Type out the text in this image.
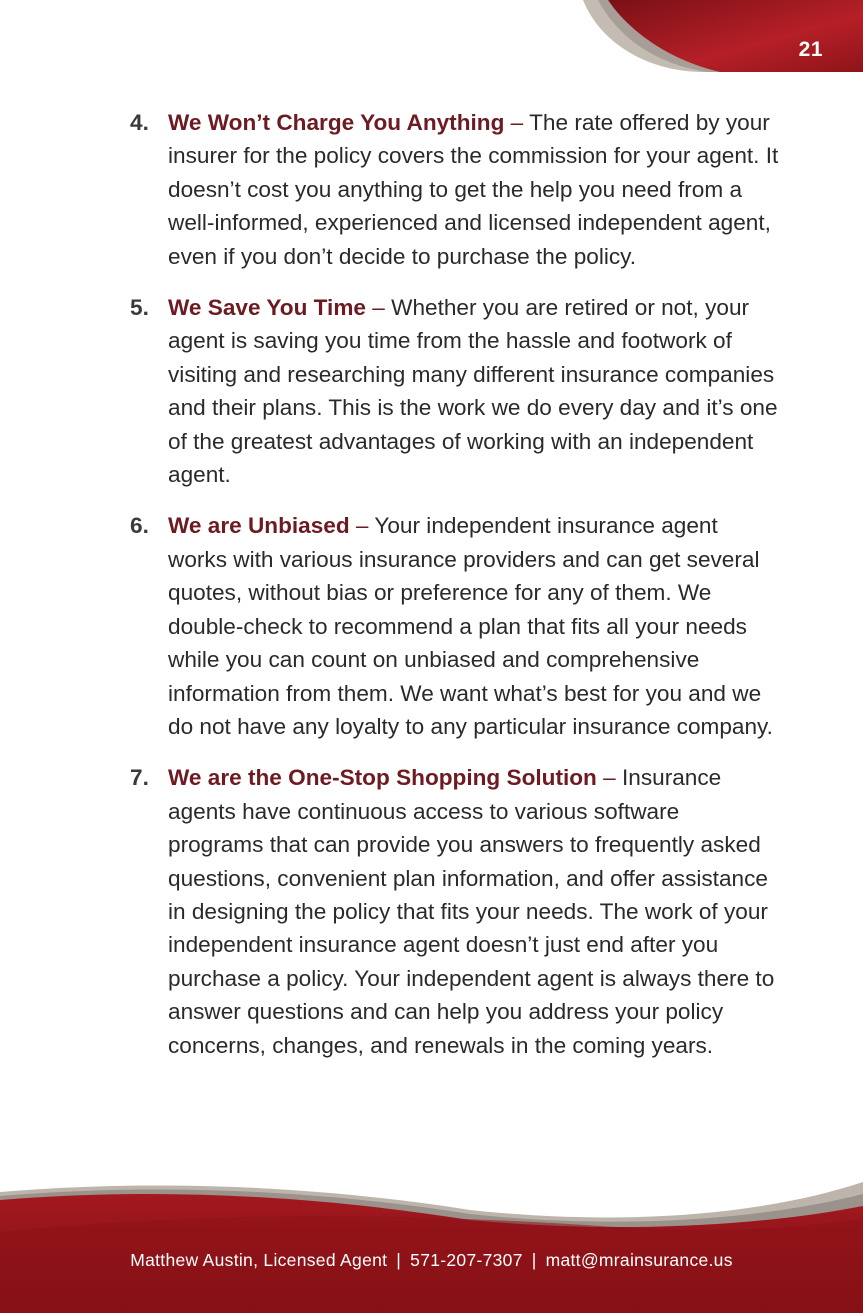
21
4. We Won’t Charge You Anything – The rate offered by your insurer for the policy covers the commission for your agent. It doesn’t cost you anything to get the help you need from a well-informed, experienced and licensed independent agent, even if you don’t decide to purchase the policy.
5. We Save You Time – Whether you are retired or not, your agent is saving you time from the hassle and footwork of visiting and researching many different insurance companies and their plans. This is the work we do every day and it’s one of the greatest advantages of working with an independent agent.
6. We are Unbiased – Your independent insurance agent works with various insurance providers and can get several quotes, without bias or preference for any of them. We double-check to recommend a plan that fits all your needs while you can count on unbiased and comprehensive information from them. We want what’s best for you and we do not have any loyalty to any particular insurance company.
7. We are the One-Stop Shopping Solution – Insurance agents have continuous access to various software programs that can provide you answers to frequently asked questions, convenient plan information, and offer assistance in designing the policy that fits your needs. The work of your independent insurance agent doesn’t just end after you purchase a policy. Your independent agent is always there to answer questions and can help you address your policy concerns, changes, and renewals in the coming years.
Matthew Austin, Licensed Agent | 571-207-7307 | matt@mrainsurance.us
